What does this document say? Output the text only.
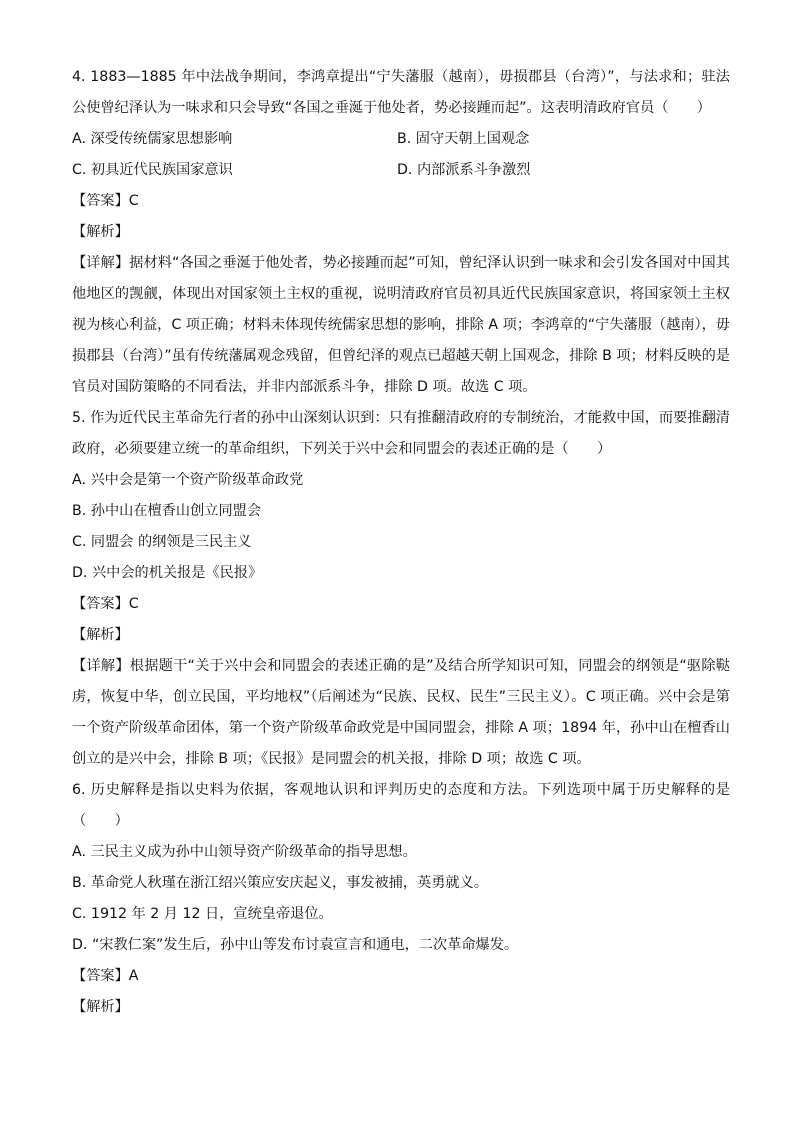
4. 1883—1885 年中法战争期间，李鸿章提出“宁失藩服（越南），毋损郡县（台湾）”，与法求和；驻法公使曾纪泽认为一味求和只会导致“各国之垂涎于他处者，势必接踵而起”。这表明清政府官员（　　）
A. 深受传统儒家思想影响	B. 固守天朝上国观念
C. 初具近代民族国家意识	D. 内部派系斗争激烈
【答案】C
【解析】
【详解】据材料“各国之垂涎于他处者，势必接踵而起”可知，曾纪泽认识到一味求和会引发各国对中国其他地区的觊觎，体现出对国家领土主权的重视，说明清政府官员初具近代民族国家意识，将国家领土主权视为核心利益，C 项正确；材料未体现传统儒家思想的影响，排除 A 项；李鸿章的“宁失藩服（越南），毋损郡县（台湾）”虽有传统藩属观念残留，但曾纪泽的观点已超越天朝上国观念，排除 B 项；材料反映的是官员对国防策略的不同看法，并非内部派系斗争，排除 D 项。故选 C 项。
5. 作为近代民主革命先行者的孙中山深刻认识到：只有推翻清政府的专制统治，才能救中国，而要推翻清政府，必须要建立统一的革命组织，下列关于兴中会和同盟会的表述正确的是（　　）
A. 兴中会是第一个资产阶级革命政党
B. 孙中山在檀香山创立同盟会
C. 同盟会 的纲领是三民主义
D. 兴中会的机关报是《民报》
【答案】C
【解析】
【详解】根据题干“关于兴中会和同盟会的表述正确的是”及结合所学知识可知，同盟会的纲领是“驱除鞑虏，恢复中华，创立民国，平均地权”（后阐述为“民族、民权、民生”三民主义）。C 项正确。兴中会是第一个资产阶级革命团体，第一个资产阶级革命政党是中国同盟会，排除 A 项；1894 年，孙中山在檀香山创立的是兴中会，排除 B 项；《民报》是同盟会的机关报，排除 D 项；故选 C 项。
6. 历史解释是指以史料为依据，客观地认识和评判历史的态度和方法。下列选项中属于历史解释的是（　　）
A. 三民主义成为孙中山领导资产阶级革命的指导思想。
B. 革命党人秋瑾在浙江绍兴策应安庆起义，事发被捕，英勇就义。
C. 1912 年 2 月 12 日，宣统皇帝退位。
D. “宋教仁案”发生后，孙中山等发布讨袁宣言和通电，二次革命爆发。
【答案】A
【解析】
